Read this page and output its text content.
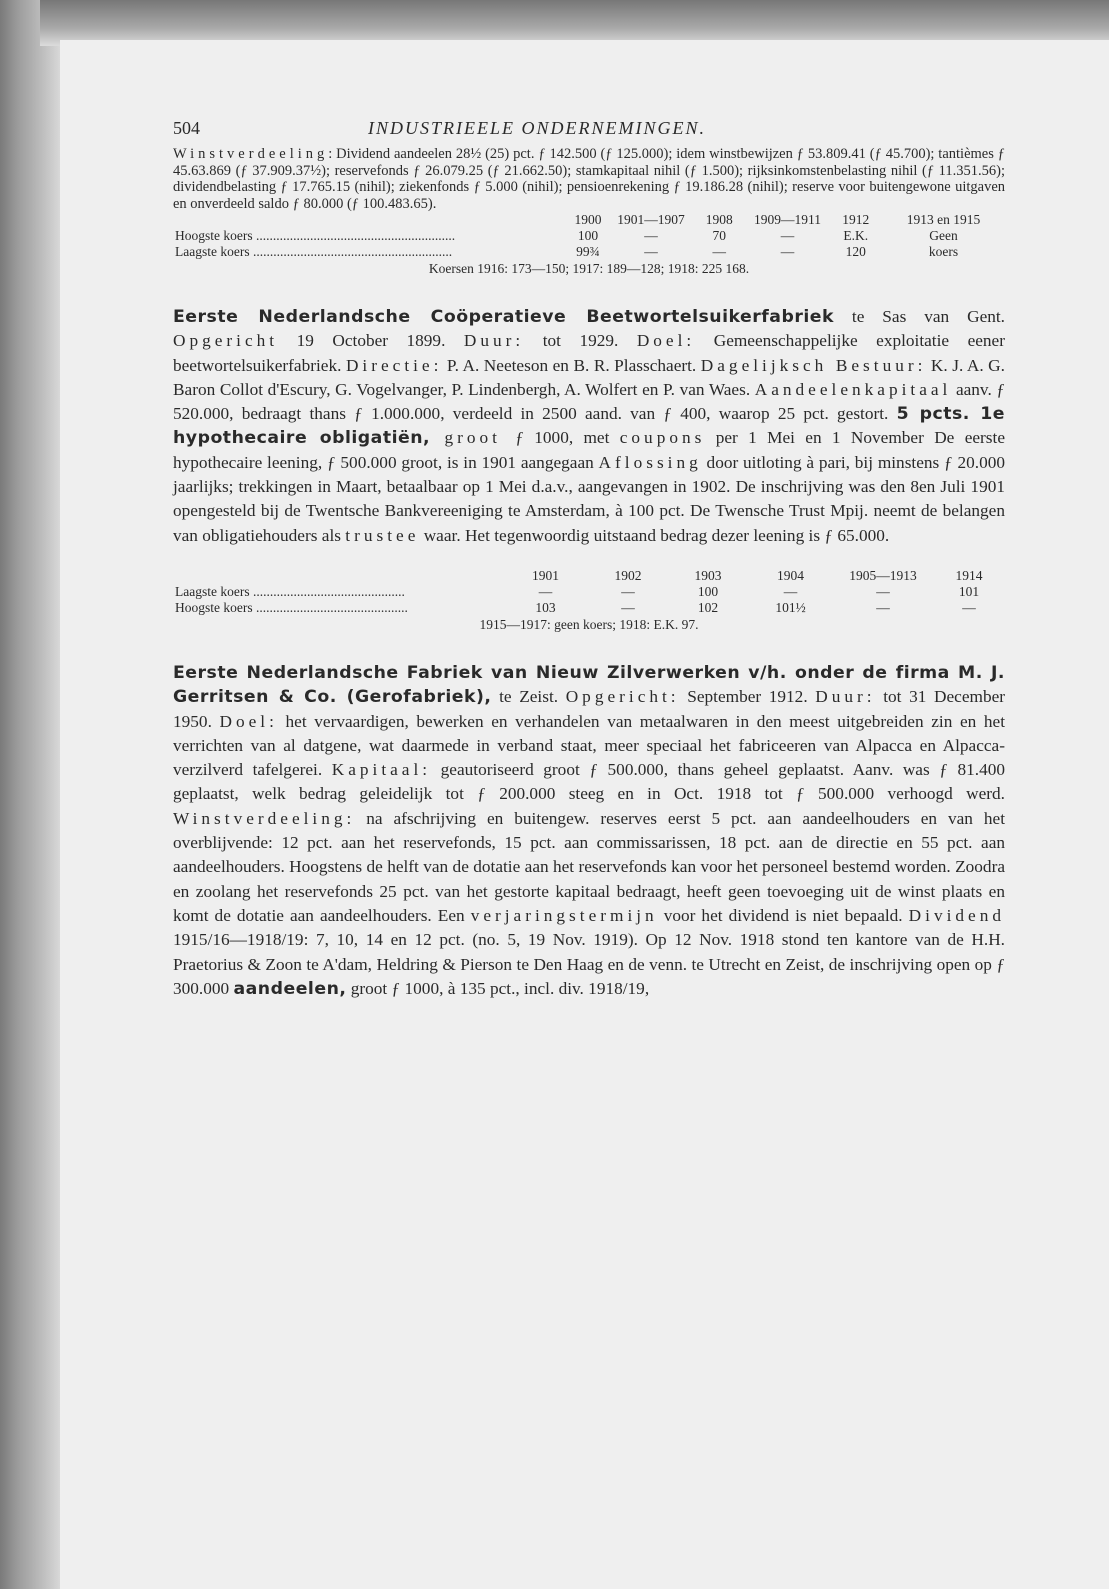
504	INDUSTRIEELE ONDERNEMINGEN.

Winstverdeeling: Dividend aandeelen 28½ (25) pct. ƒ 142.500 (ƒ 125.000); idem winstbewijzen ƒ 53.809.41 (ƒ 45.700); tantièmes ƒ 45.63.869 (ƒ 37.909.37½); reservefonds ƒ 26.079.25 (ƒ 21.662.50); stamkapitaal nihil (ƒ 1.500); rijksinkomstenbelasting nihil (ƒ 11.351.56); dividendbelasting ƒ 17.765.15 (nihil); ziekenfonds ƒ 5.000 (nihil); pensioenrekening ƒ 19.186.28 (nihil); reserve voor buitengewone uitgaven en onverdeeld saldo ƒ 80.000 (ƒ 100.483.65).

	1900	1901—1907	1908	1909—1911	1912	1913 en 1915
Hoogste koers ...........................................................	100	—	70	—	E.K.	Geen
Laagste koers ...........................................................	99¾	—	—	—	120	koers

Koersen 1916: 173—150; 1917: 189—128; 1918: 225 168.

Eerste Nederlandsche Coöperatieve Beetwortelsuikerfabriek te Sas van Gent. Opgericht 19 October 1899. Duur: tot 1929. Doel: Gemeenschappelijke exploitatie eener beetwortelsuikerfabriek. Directie: P. A. Neeteson en B. R. Plasschaert. Dagelijksch Bestuur: K. J. A. G. Baron Collot d'Escury, G. Vogelvanger, P. Lindenbergh, A. Wolfert en P. van Waes. Aandeelenkapitaal aanv. ƒ 520.000, bedraagt thans ƒ 1.000.000, verdeeld in 2500 aand. van ƒ 400, waarop 25 pct. gestort. 5 pcts. 1e hypothecaire obligatiën, groot ƒ 1000, met coupons per 1 Mei en 1 November De eerste hypothecaire leening, ƒ 500.000 groot, is in 1901 aangegaan Aflossing door uitloting à pari, bij minstens ƒ 20.000 jaarlijks; trekkingen in Maart, betaalbaar op 1 Mei d.a.v., aangevangen in 1902. De inschrijving was den 8en Juli 1901 opengesteld bij de Twentsche Bankvereeniging te Amsterdam, à 100 pct. De Twensche Trust Mpij. neemt de belangen van obligatiehouders als trustee waar. Het tegenwoordig uitstaand bedrag dezer leening is ƒ 65.000.

	1901	1902	1903	1904	1905—1913	1914
Laagste koers .............................................	—	—	100	—	—	101
Hoogste koers .............................................	103	—	102	101½	—	—

1915—1917: geen koers; 1918: E.K. 97.

Eerste Nederlandsche Fabriek van Nieuw Zilverwerken v/h. onder de firma M. J. Gerritsen & Co. (Gerofabriek), te Zeist. Opgericht: September 1912. Duur: tot 31 December 1950. Doel: het vervaardigen, bewerken en verhandelen van metaalwaren in den meest uitgebreiden zin en het verrichten van al datgene, wat daarmede in verband staat, meer speciaal het fabriceeren van Alpacca en Alpacca-verzilverd tafelgerei. Kapitaal: geautoriseerd groot ƒ 500.000, thans geheel geplaatst. Aanv. was ƒ 81.400 geplaatst, welk bedrag geleidelijk tot ƒ 200.000 steeg en in Oct. 1918 tot ƒ 500.000 verhoogd werd. Winstverdeeling: na afschrijving en buitengew. reserves eerst 5 pct. aan aandeelhouders en van het overblijvende: 12 pct. aan het reservefonds, 15 pct. aan commissarissen, 18 pct. aan de directie en 55 pct. aan aandeelhouders. Hoogstens de helft van de dotatie aan het reservefonds kan voor het personeel bestemd worden. Zoodra en zoolang het reservefonds 25 pct. van het gestorte kapitaal bedraagt, heeft geen toevoeging uit de winst plaats en komt de dotatie aan aandeelhouders. Een verjaringstermijn voor het dividend is niet bepaald. Dividend 1915/16—1918/19: 7, 10, 14 en 12 pct. (no. 5, 19 Nov. 1919). Op 12 Nov. 1918 stond ten kantore van de H.H. Praetorius & Zoon te A'dam, Heldring & Pierson te Den Haag en de venn. te Utrecht en Zeist, de inschrijving open op ƒ 300.000 aandeelen, groot ƒ 1000, à 135 pct., incl. div. 1918/19,
